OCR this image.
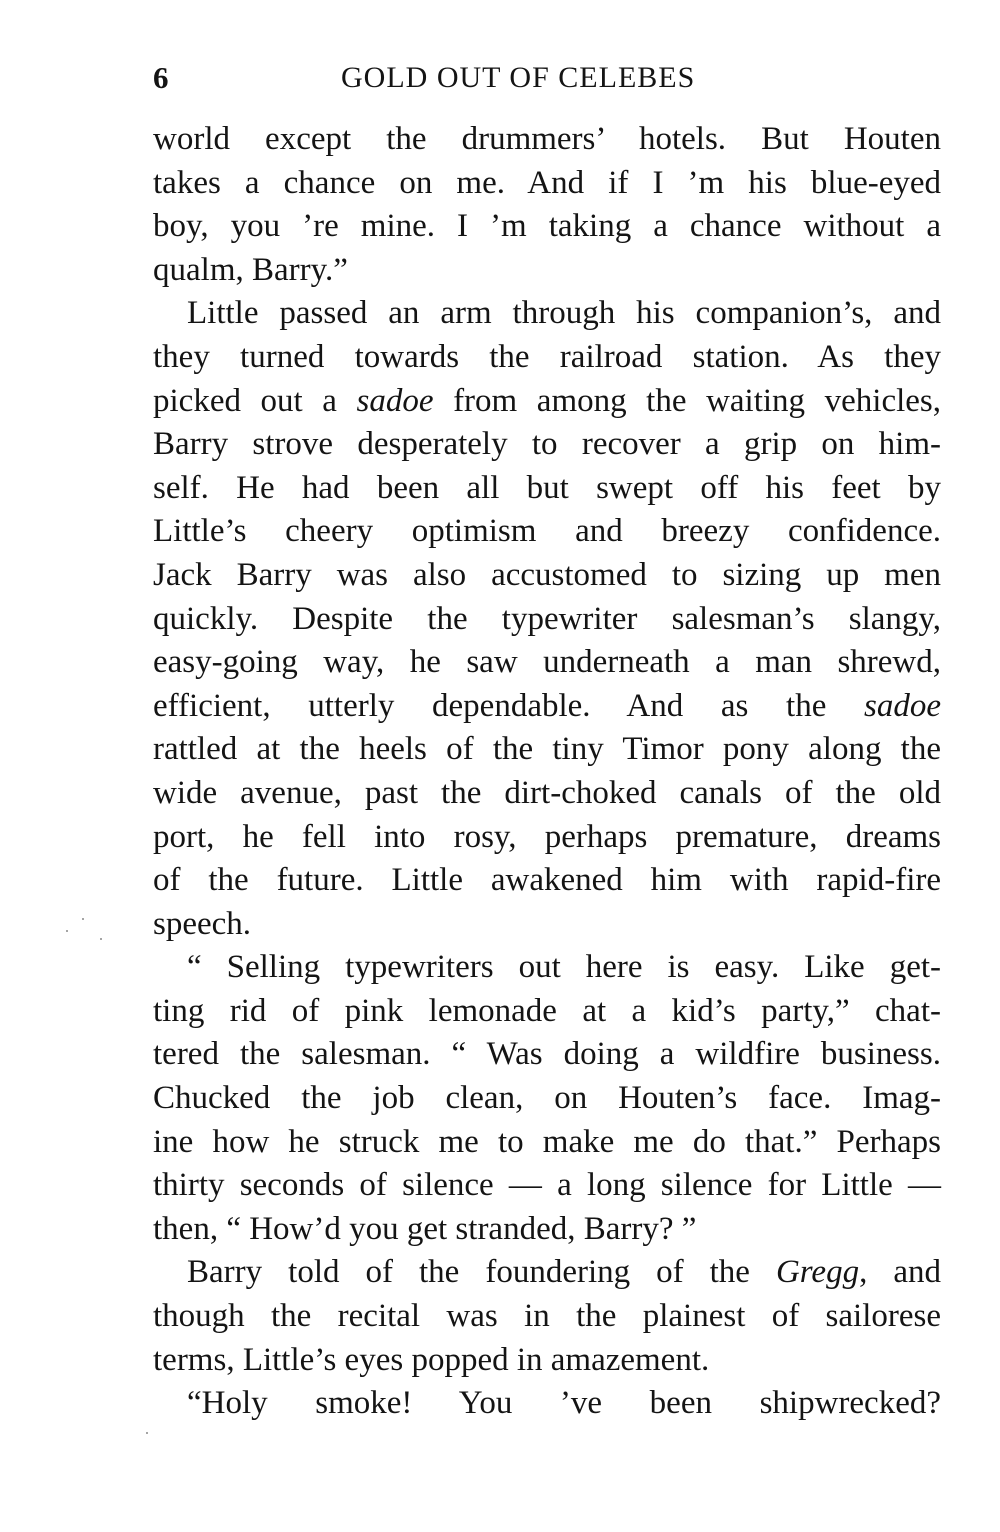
6	GOLD OUT OF CELEBES
world except the drummers’ hotels. But Houten
takes a chance on me. And if I ’m his blue-eyed
boy, you ’re mine. I ’m taking a chance without a
qualm, Barry.”
Little passed an arm through his companion’s, and
they turned towards the railroad station. As they
picked out a sadoe from among the waiting vehicles,
Barry strove desperately to recover a grip on him-
self. He had been all but swept off his feet by
Little’s cheery optimism and breezy confidence.
Jack Barry was also accustomed to sizing up men
quickly. Despite the typewriter salesman’s slangy,
easy-going way, he saw underneath a man shrewd,
efficient, utterly dependable. And as the sadoe
rattled at the heels of the tiny Timor pony along the
wide avenue, past the dirt-choked canals of the old
port, he fell into rosy, perhaps premature, dreams
of the future. Little awakened him with rapid-fire
speech.
“ Selling typewriters out here is easy. Like get-
ting rid of pink lemonade at a kid’s party,” chat-
tered the salesman. “ Was doing a wildfire business.
Chucked the job clean, on Houten’s face. Imag-
ine how he struck me to make me do that.” Perhaps
thirty seconds of silence — a long silence for Little —
then, “ How’d you get stranded, Barry? ”
Barry told of the foundering of the Gregg, and
though the recital was in the plainest of sailorese
terms, Little’s eyes popped in amazement.
“Holy smoke! You ’ve been shipwrecked?
